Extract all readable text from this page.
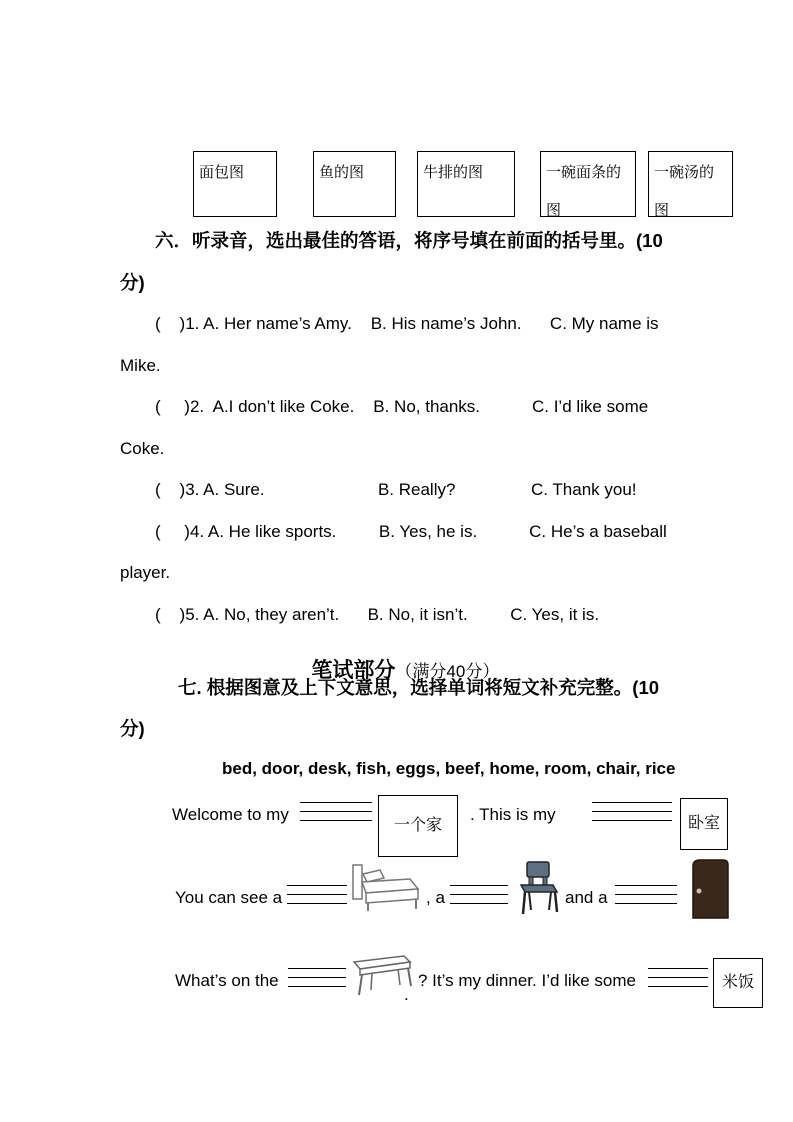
面包图	鱼的图	牛排的图	一碗面条的图
一碗汤的图
六．听录音，选出最佳的答语，将序号填在前面的括号里。(10
分)
(    )1. A. Her name’s Amy.    B. His name’s John.      C. My name is
Mike.
(     )2.  A.I don’t like Coke.    B. No, thanks.           C. I’d like some
Coke.
(    )3. A. Sure.                        B. Really?                C. Thank you!
(     )4. A. He like sports.         B. Yes, he is.           C. He’s a baseball
player.
(    )5. A. No, they aren’t.      B. No, it isn’t.         C. Yes, it is.

笔试部分（满分40分）

七. 根据图意及上下文意思，选择单词将短文补充完整。(10
分)
bed, door, desk, fish, eggs, beef, home, room, chair, rice
Welcome to my
一个家
. This is my	卧室
You can see a	, a	and a
What’s on the
.
? It’s my dinner. I’d like some	米饭
